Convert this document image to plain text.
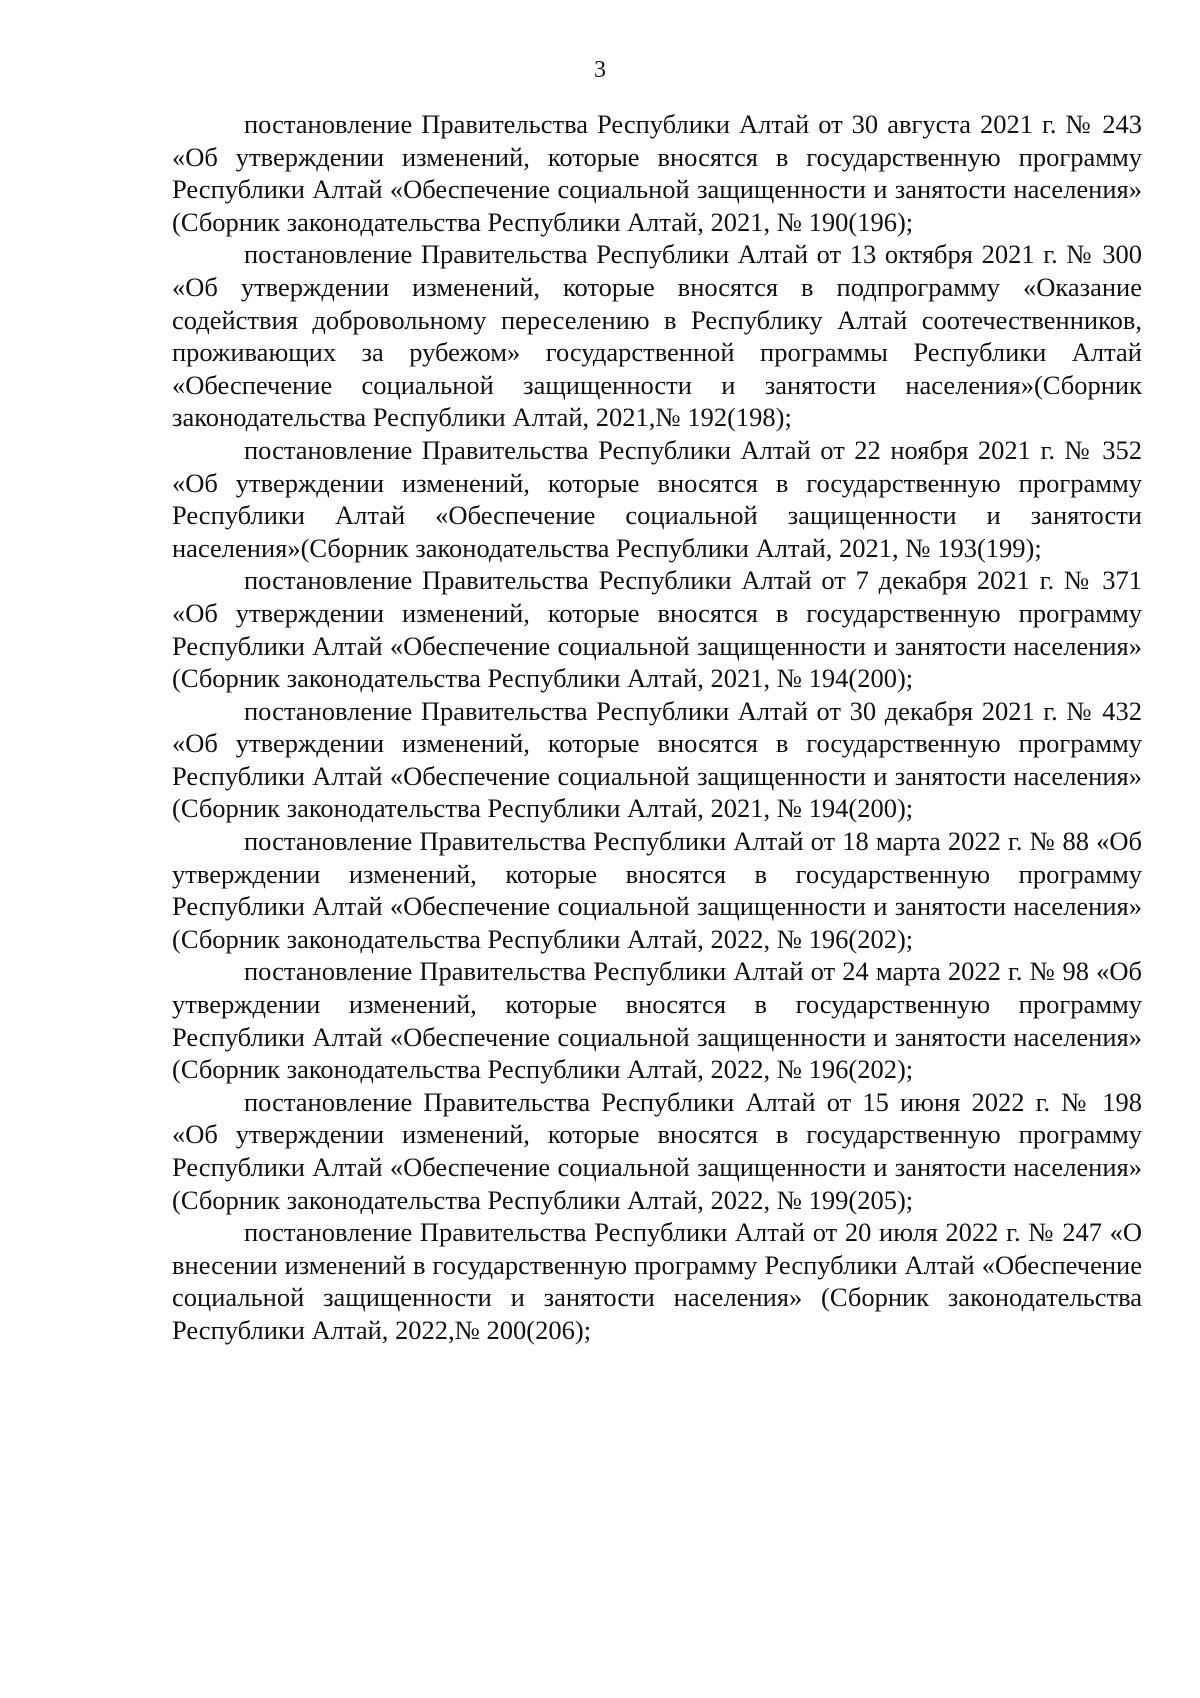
3

постановление Правительства Республики Алтай от 30 августа 2021 г. № 243 «Об утверждении изменений, которые вносятся в государственную программу Республики Алтай «Обеспечение социальной защищенности и занятости населения» (Сборник законодательства Республики Алтай, 2021, № 190(196);

постановление Правительства Республики Алтай от 13 октября 2021 г. № 300 «Об утверждении изменений, которые вносятся в подпрограмму «Оказание содействия добровольному переселению в Республику Алтай соотечественников, проживающих за рубежом» государственной программы Республики Алтай «Обеспечение социальной защищенности и занятости населения»(Сборник законодательства Республики Алтай, 2021,№ 192(198);

постановление Правительства Республики Алтай от 22 ноября 2021 г. № 352 «Об утверждении изменений, которые вносятся в государственную программу Республики Алтай «Обеспечение социальной защищенности и занятости населения»(Сборник законодательства Республики Алтай, 2021, № 193(199);

постановление Правительства Республики Алтай от 7 декабря 2021 г. № 371 «Об утверждении изменений, которые вносятся в государственную программу Республики Алтай «Обеспечение социальной защищенности и занятости населения» (Сборник законодательства Республики Алтай, 2021, № 194(200);

постановление Правительства Республики Алтай от 30 декабря 2021 г. № 432 «Об утверждении изменений, которые вносятся в государственную программу Республики Алтай «Обеспечение социальной защищенности и занятости населения» (Сборник законодательства Республики Алтай, 2021, № 194(200);

постановление Правительства Республики Алтай от 18 марта 2022 г. № 88 «Об утверждении изменений, которые вносятся в государственную программу Республики Алтай «Обеспечение социальной защищенности и занятости населения» (Сборник законодательства Республики Алтай, 2022, № 196(202);

постановление Правительства Республики Алтай от 24 марта 2022 г. № 98 «Об утверждении изменений, которые вносятся в государственную программу Республики Алтай «Обеспечение социальной защищенности и занятости населения» (Сборник законодательства Республики Алтай, 2022, № 196(202);

постановление Правительства Республики Алтай от 15 июня 2022 г. № 198 «Об утверждении изменений, которые вносятся в государственную программу Республики Алтай «Обеспечение социальной защищенности и занятости населения» (Сборник законодательства Республики Алтай, 2022, № 199(205);

постановление Правительства Республики Алтай от 20 июля 2022 г. № 247 «О внесении изменений в государственную программу Республики Алтай «Обеспечение социальной защищенности и занятости населения» (Сборник законодательства Республики Алтай, 2022,№ 200(206);
